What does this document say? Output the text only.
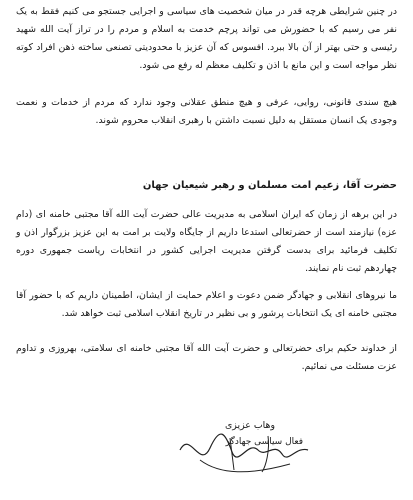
در چنین شرایطی هرچه قدر در میان شخصیت های سیاسی و اجرایی جستجو می کنیم فقط به یک نفر می رسیم که با حضورش می تواند پرچم خدمت به اسلام و مردم را در تراز آیت الله شهید رئیسی و حتی بهتر از آن بالا ببرد. افسوس که آن عزیز با محدودیتی تصنعی ساخته ذهن افراد کوته نظر مواجه است و این مانع با اذن و تکلیف معظم له رفع می شود.

هیچ سندی قانونی، روایی، عرفی و هیچ منطق عقلانی وجود ندارد که مردم از خدمات و نعمت وجودی یک انسان مستقل به دلیل نسبت داشتن با رهبری انقلاب محروم شوند.

حضرت آقا، زعیم امت مسلمان و رهبر شیعیان جهان

در این برهه از زمان که ایران اسلامی به مدیریت عالی حضرت آیت الله آقا مجتبی خامنه ای (دام عزه) نیازمند است از حضرتعالی استدعا داریم از جایگاه ولایت بر امت به این عزیز بزرگوار اذن و تکلیف فرمائید برای بدست گرفتن مدیریت اجرایی کشور در انتخابات ریاست جمهوری دوره چهاردهم ثبت نام نمایند.

ما نیروهای انقلابی و جهادگر ضمن دعوت و اعلام حمایت از ایشان، اطمینان داریم که با حضور آقا مجتبی خامنه ای یک انتخابات پرشور و بی نظیر در تاریخ انقلاب اسلامی ثبت خواهد شد.

از خداوند حکیم برای حضرتعالی و حضرت آیت الله آقا مجتبی خامنه ای سلامتی، بهروزی و تداوم عزت مسئلت می نمائیم.

وهاب عزیزی

فعال سیاسی جهادگر
